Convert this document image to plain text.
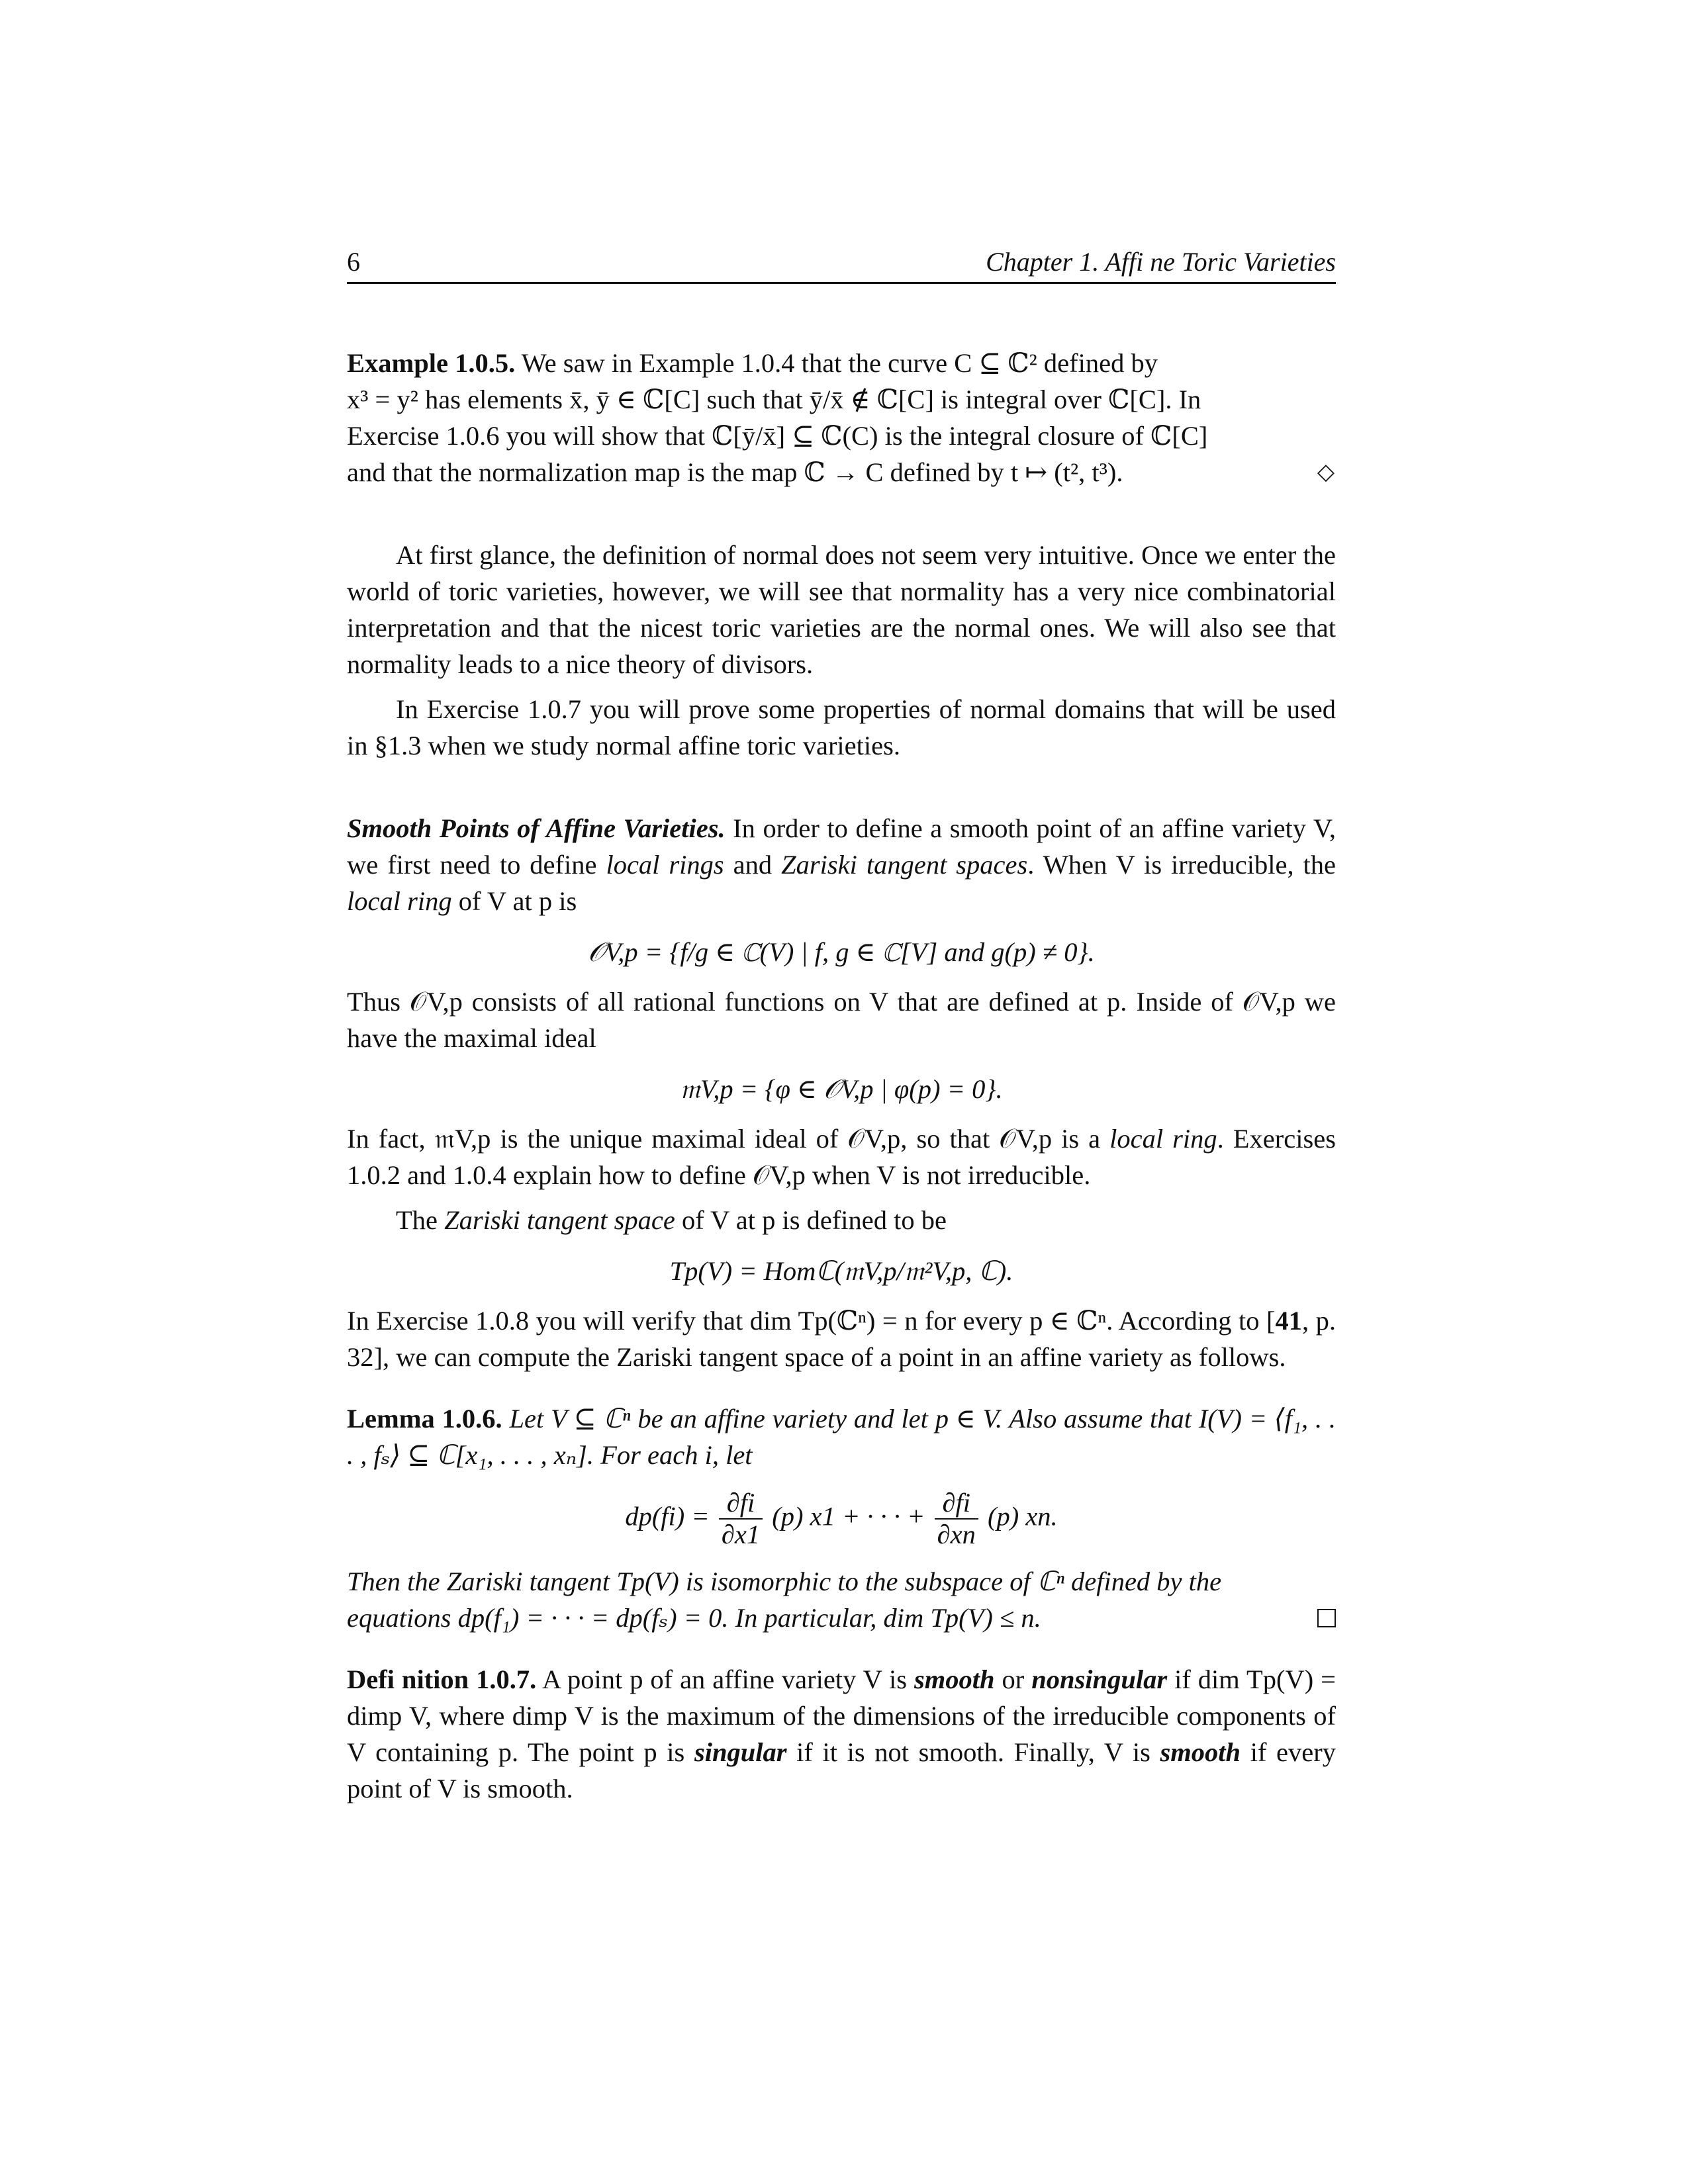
6	Chapter 1. Affi ne Toric Varieties

Example 1.0.5. We saw in Example 1.0.4 that the curve C ⊆ ℂ² defined by

x³ = y² has elements x̄, ȳ ∈ ℂ[C] such that ȳ/x̄ ∉ ℂ[C] is integral over ℂ[C]. In

Exercise 1.0.6 you will show that ℂ[ȳ/x̄] ⊆ ℂ(C) is the integral closure of ℂ[C]

and that the normalization map is the map ℂ → C defined by t ↦ (t², t³).	◇

At first glance, the definition of normal does not seem very intuitive. Once we enter the world of toric varieties, however, we will see that normality has a very nice combinatorial interpretation and that the nicest toric varieties are the normal ones. We will also see that normality leads to a nice theory of divisors.

In Exercise 1.0.7 you will prove some properties of normal domains that will be used in §1.3 when we study normal affine toric varieties.

Smooth Points of Affine Varieties. In order to define a smooth point of an affine variety V, we first need to define local rings and Zariski tangent spaces. When V is irreducible, the local ring of V at p is

𝒪V,p = {f/g ∈ ℂ(V) | f, g ∈ ℂ[V] and g(p) ≠ 0}.

Thus 𝒪V,p consists of all rational functions on V that are defined at p. Inside of 𝒪V,p we have the maximal ideal

𝔪V,p = {φ ∈ 𝒪V,p | φ(p) = 0}.

In fact, 𝔪V,p is the unique maximal ideal of 𝒪V,p, so that 𝒪V,p is a local ring. Exercises 1.0.2 and 1.0.4 explain how to define 𝒪V,p when V is not irreducible.

The Zariski tangent space of V at p is defined to be

Tp(V) = Homℂ(𝔪V,p/𝔪²V,p, ℂ).

In Exercise 1.0.8 you will verify that dim Tp(ℂⁿ) = n for every p ∈ ℂⁿ. According to [41, p. 32], we can compute the Zariski tangent space of a point in an affine variety as follows.

Lemma 1.0.6. Let V ⊆ ℂⁿ be an affine variety and let p ∈ V. Also assume that I(V) = ⟨f₁, . . . , fₛ⟩ ⊆ ℂ[x₁, . . . , xₙ]. For each i, let

$dp(fi) = \frac{\partial fi}{\partial x1} (p) x1$ + · · · + $\frac{\partial fi}{\partial xn} (p)$ xn.

Then the Zariski tangent Tp(V) is isomorphic to the subspace of ℂⁿ defined by the

equations dp(f₁) = · · · = dp(fₛ) = 0. In particular, dim Tp(V) ≤ n.

Defi nition 1.0.7. A point p of an affine variety V is smooth or nonsingular if dim Tp(V) = dimp V, where dimp V is the maximum of the dimensions of the irreducible components of V containing p. The point p is singular if it is not smooth. Finally, V is smooth if every point of V is smooth.
